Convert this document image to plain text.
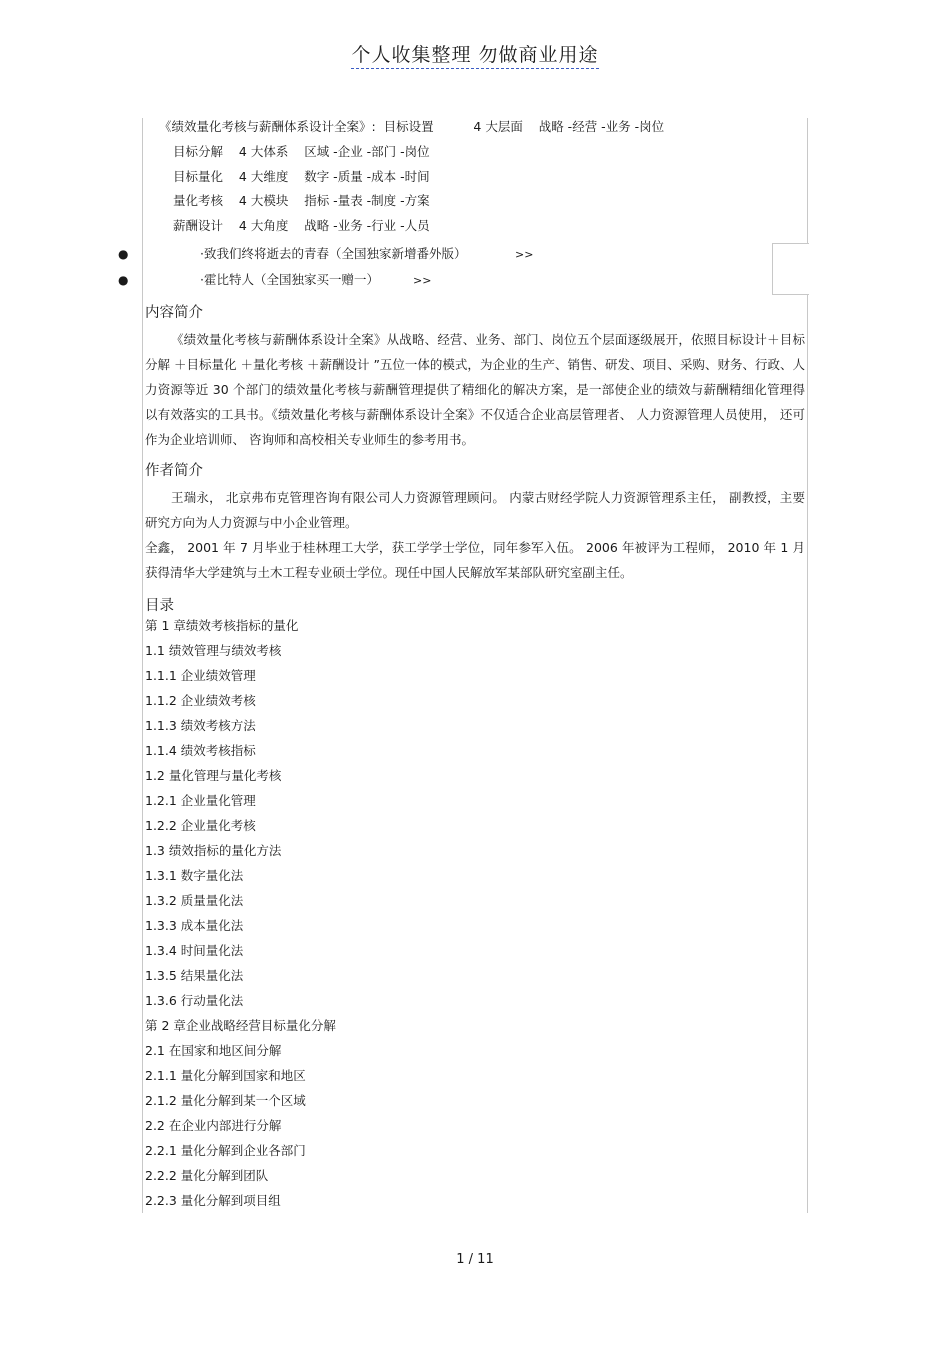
个人收集整理 勿做商业用途
《绩效量化考核与薪酬体系设计全案》:  目标设置          4 大层面    战略 -经营 -业务 -岗位
目标分解    4 大体系    区域 -企业 -部门 -岗位
目标量化    4 大维度    数字 -质量 -成本 -时间
量化考核    4 大模块    指标 -量表 -制度 -方案
薪酬设计    4 大角度    战略 -业务 -行业 -人员

●

	·致我们终将逝去的青春（全国独家新增番外版）

	>>

●

	·霍比特人（全国独家买一赠一）

	>>

内容简介

《绩效量化考核与薪酬体系设计全案》从战略、经营、业务、部门、岗位五个层面逐级展开，依照目标设计＋目标分解 ＋目标量化 ＋量化考核 ＋薪酬设计 ”五位一体的模式，为企业的生产、销售、研发、项目、采购、财务、行政、人力资源等近 30 个部门的绩效量化考核与薪酬管理提供了精细化的解决方案，是一部使企业的绩效与薪酬精细化管理得以有效落实的工具书。《绩效量化考核与薪酬体系设计全案》不仅适合企业高层管理者、 人力资源管理人员使用， 还可作为企业培训师、 咨询师和高校相关专业师生的参考用书。

作者简介

王瑞永， 北京弗布克管理咨询有限公司人力资源管理顾问。 内蒙古财经学院人力资源管理系主任， 副教授，主要研究方向为人力资源与中小企业管理。

全鑫， 2001 年 7 月毕业于桂林理工大学，获工学学士学位，同年参军入伍。 2006 年被评为工程师， 2010 年 1 月获得清华大学建筑与土木工程专业硕士学位。现任中国人民解放军某部队研究室副主任。

目录
第 1 章绩效考核指标的量化
1.1 绩效管理与绩效考核
1.1.1 企业绩效管理
1.1.2 企业绩效考核
1.1.3 绩效考核方法
1.1.4 绩效考核指标
1.2 量化管理与量化考核
1.2.1 企业量化管理
1.2.2 企业量化考核
1.3 绩效指标的量化方法
1.3.1 数字量化法
1.3.2 质量量化法
1.3.3 成本量化法
1.3.4 时间量化法
1.3.5 结果量化法
1.3.6 行动量化法
第 2 章企业战略经营目标量化分解
2.1 在国家和地区间分解
2.1.1 量化分解到国家和地区
2.1.2 量化分解到某一个区域
2.2 在企业内部进行分解
2.2.1 量化分解到企业各部门
2.2.2 量化分解到团队
2.2.3 量化分解到项目组
1 / 11
